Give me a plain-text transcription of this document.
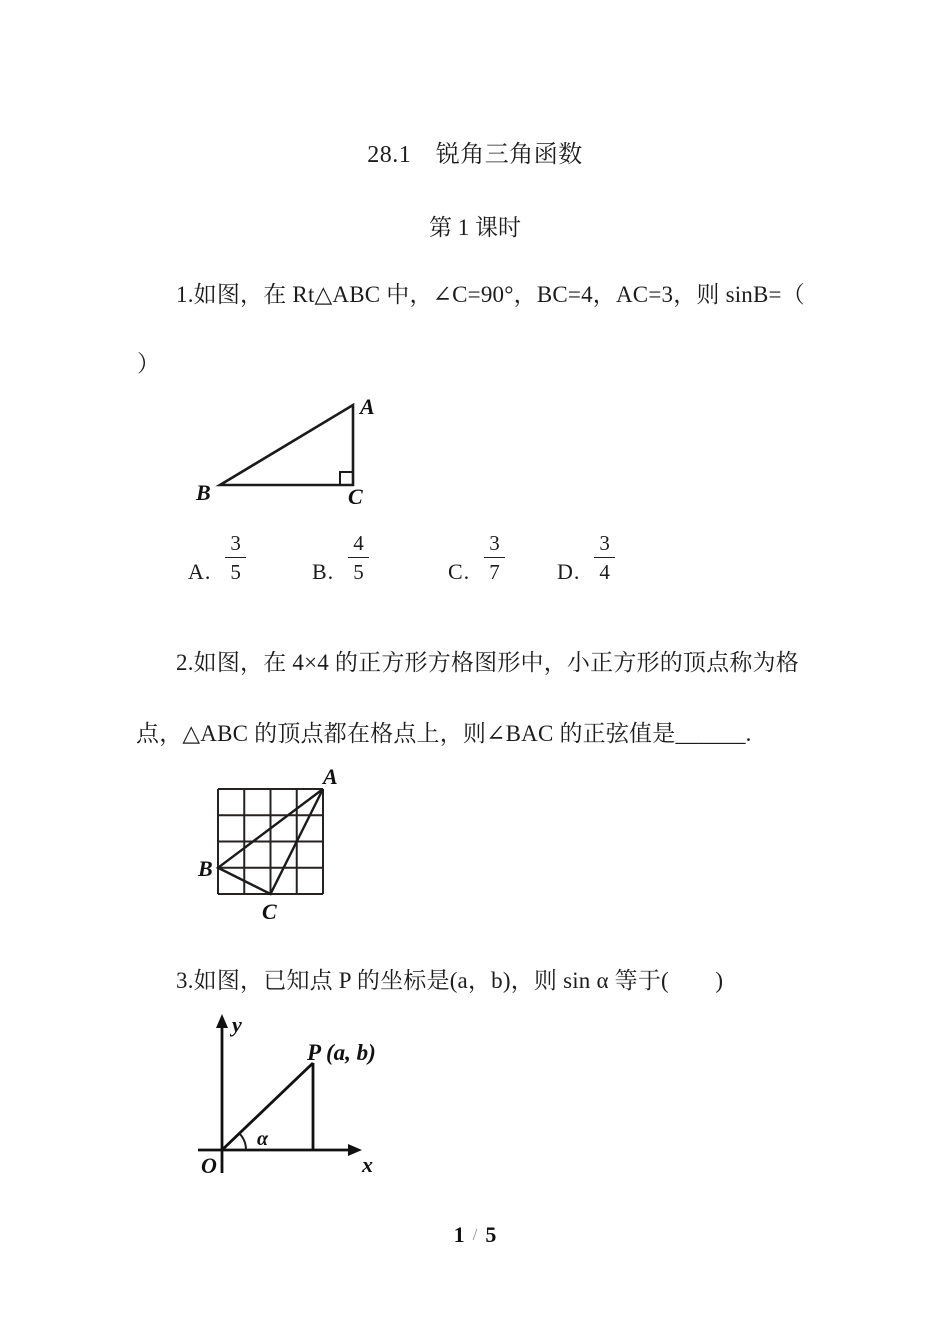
28.1　锐角三角函数
第 1 课时
1.如图，在 Rt△ABC 中，∠C=90°，BC=4，AC=3，则 sinB=（
）
A
B	C
A. $\frac{3}{5}$	B. $\frac{4}{5}$	C. $\frac{3}{7} D$. $\frac{3}{4}$
2.如图，在 4×4 的正方形方格图形中，小正方形的顶点称为格
点，△ABC 的顶点都在格点上，则∠BAC 的正弦值是______.
A
B
C
3.如图，已知点 P 的坐标是(a，b)，则 sin α 等于(　　)
y
x
O
α
P (a, b)
1 / 5
